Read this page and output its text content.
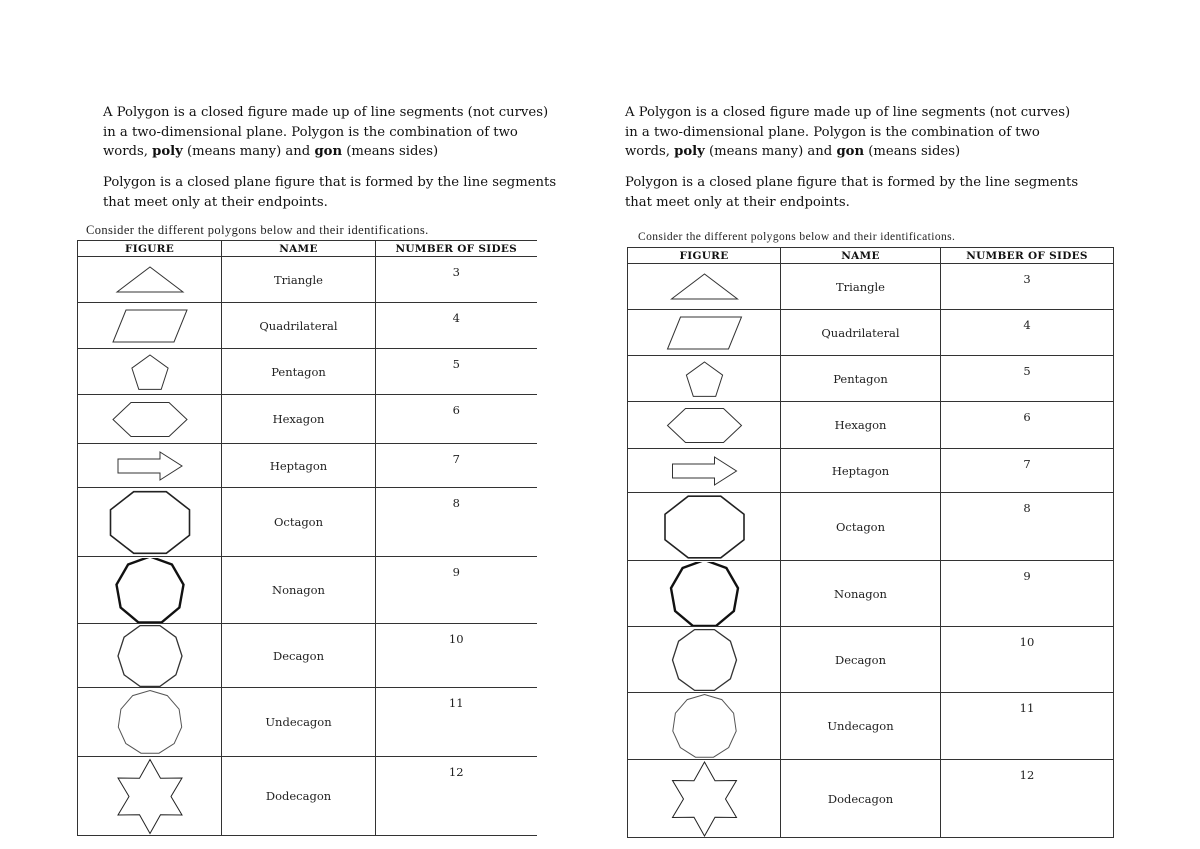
A Polygon is a closed figure made up of line segments (not curves) in a two-dimensional plane. Polygon is the combination of two words, poly (means many) and gon (means sides)

Polygon is a closed plane figure that is formed by the line segments that meet only at their endpoints.

Consider the different polygons below and their identifications.
FIGURE	NAME	NUMBER OF SIDES

	Triangle	3

	Quadrilateral	4

	Pentagon	5

	Hexagon	6

	Heptagon	7

	Octagon	8

	Nonagon	9

	Decagon	10

	Undecagon	11

	Dodecagon	12

A Polygon is a closed figure made up of line segments (not curves) in a two-dimensional plane. Polygon is the combination of two words, poly (means many) and gon (means sides)

Polygon is a closed plane figure that is formed by the line segments that meet only at their endpoints.

Consider the different polygons below and their identifications.
FIGURE	NAME	NUMBER OF SIDES

	Triangle	3

	Quadrilateral	4

	Pentagon	5

	Hexagon	6

	Heptagon	7

	Octagon	8

	Nonagon	9

	Decagon	10

	Undecagon	11

	Dodecagon	12
